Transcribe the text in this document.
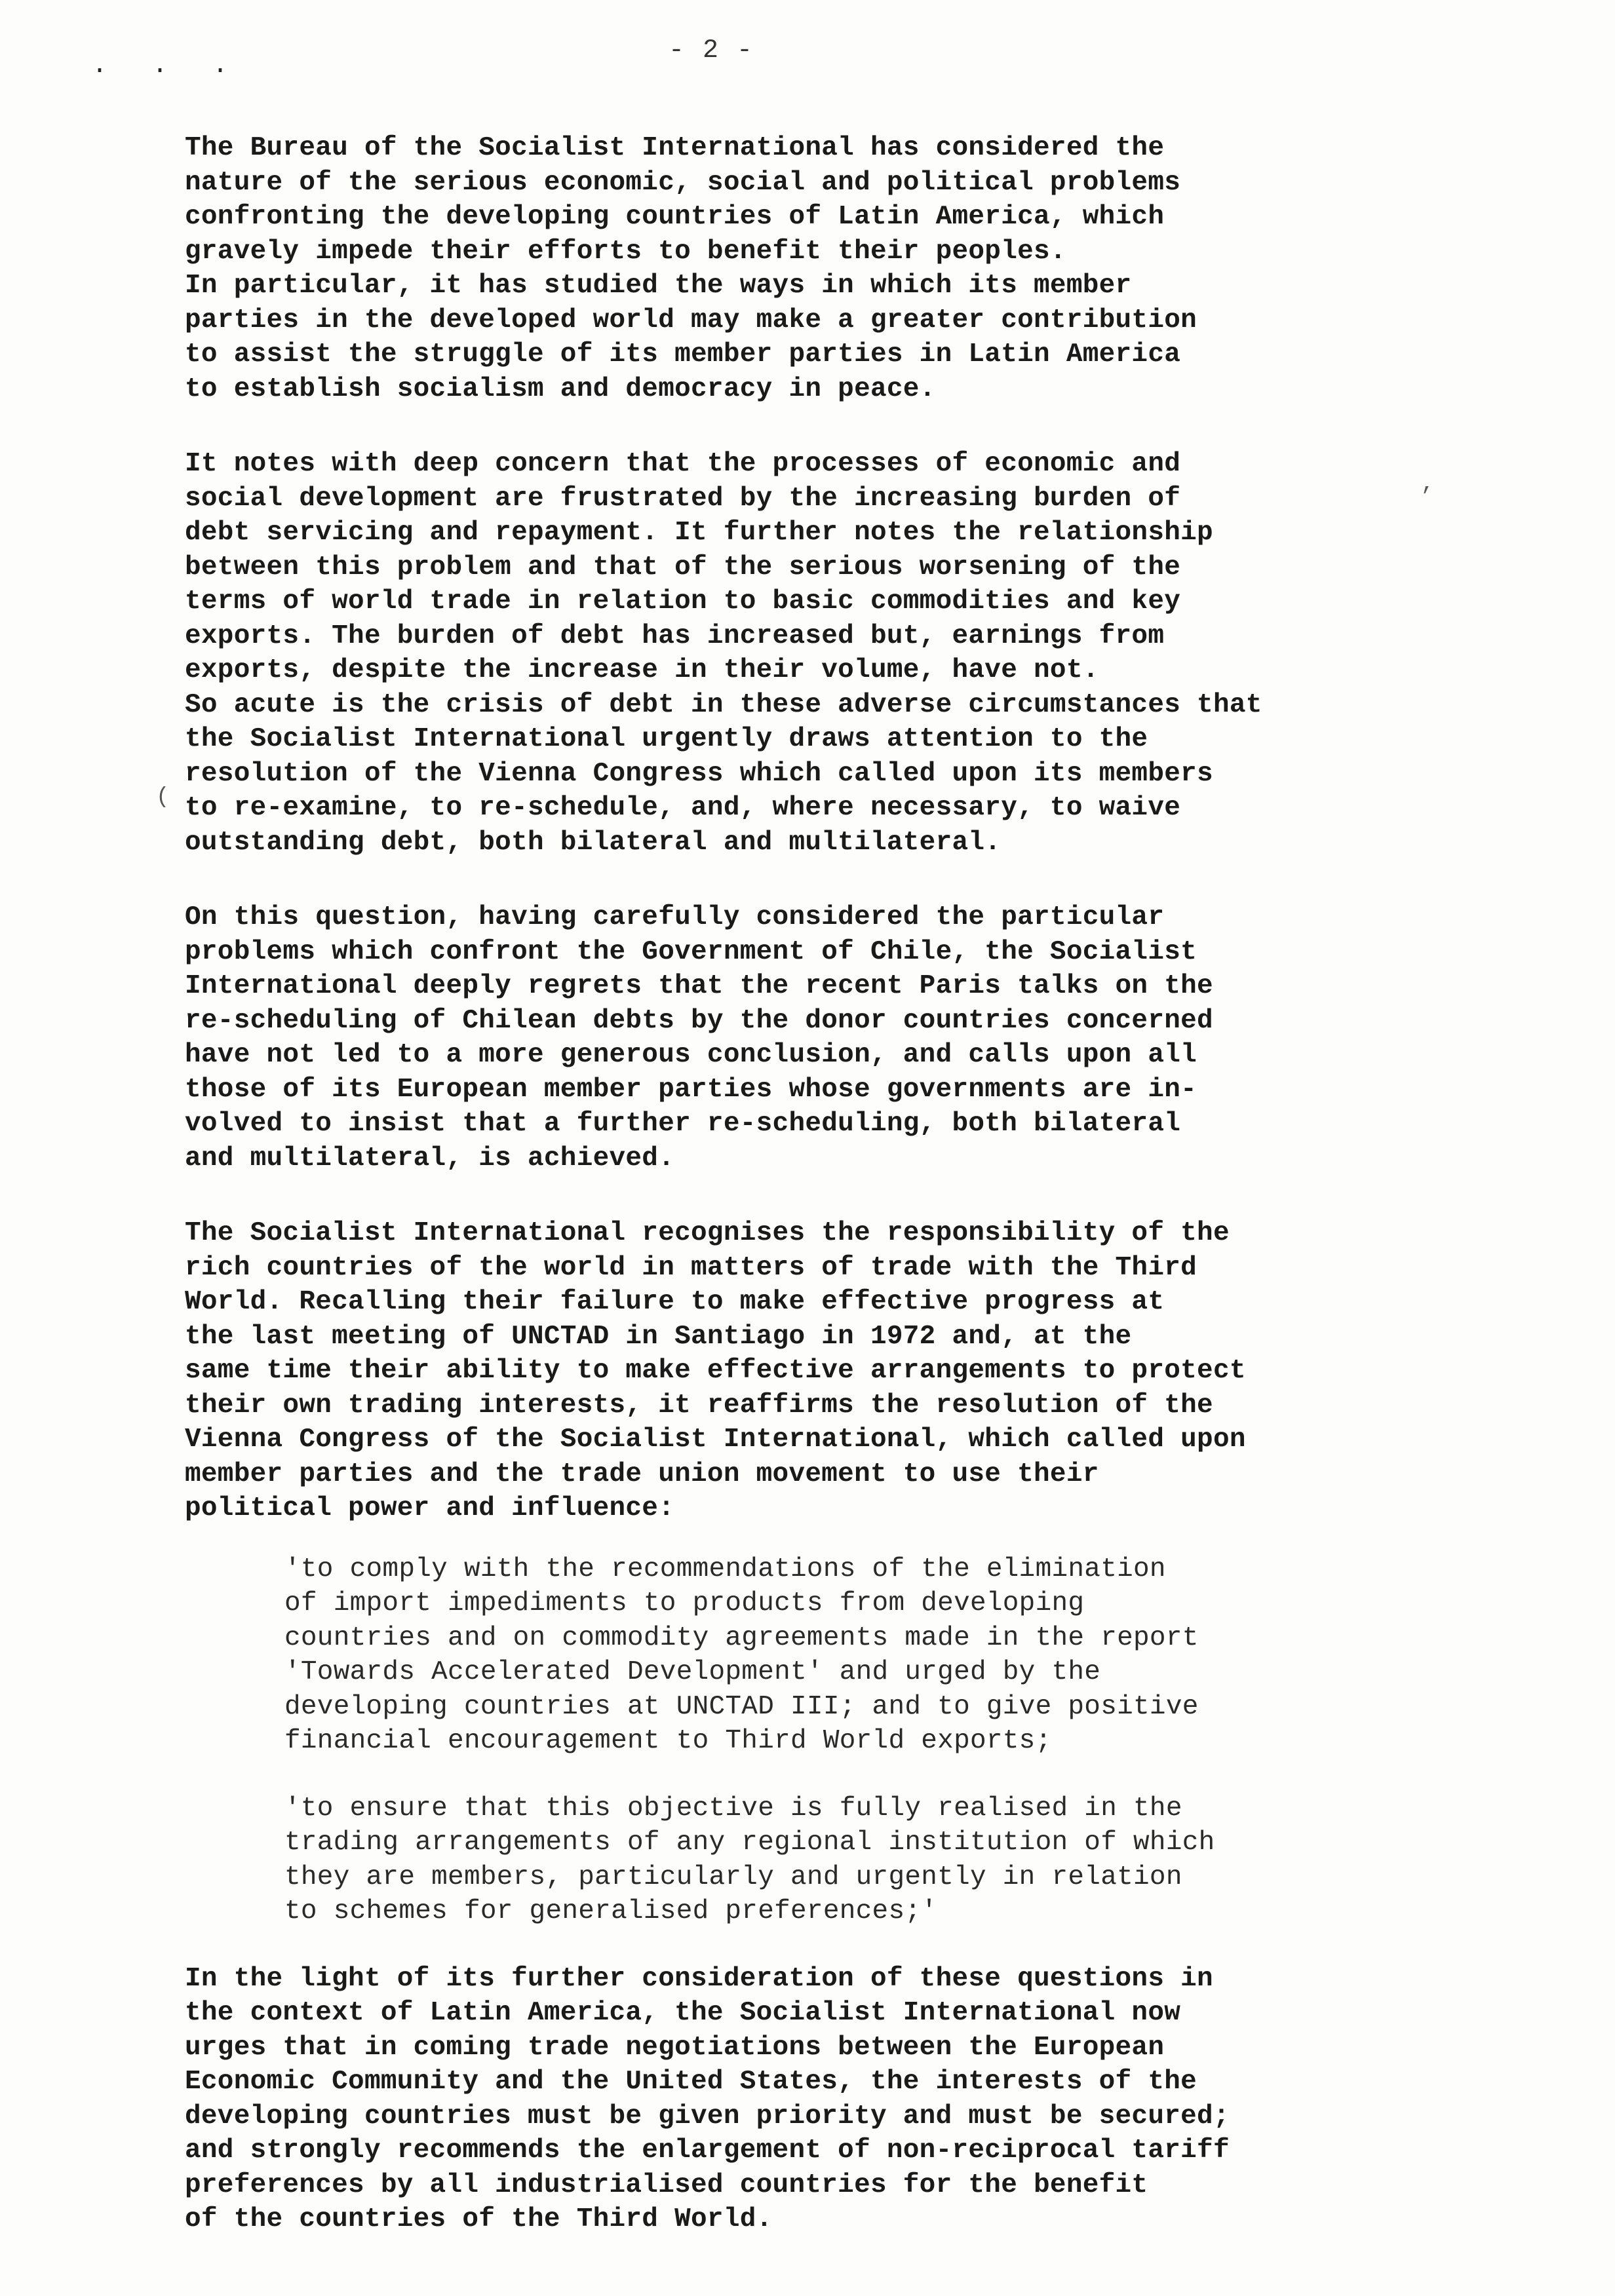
. . .
- 2 -
(
,
The Bureau of the Socialist International has considered the
nature of the serious economic, social and political problems
confronting the developing countries of Latin America, which
gravely impede their efforts to benefit their peoples.
In particular, it has studied the ways in which its member
parties in the developed world may make a greater contribution
to assist the struggle of its member parties in Latin America
to establish socialism and democracy in peace.
It notes with deep concern that the processes of economic and
social development are frustrated by the increasing burden of
debt servicing and repayment. It further notes the relationship
between this problem and that of the serious worsening of the
terms of world trade in relation to basic commodities and key
exports. The burden of debt has increased but, earnings from
exports, despite the increase in their volume, have not.
So acute is the crisis of debt in these adverse circumstances that
the Socialist International urgently draws attention to the
resolution of the Vienna Congress which called upon its members
to re-examine, to re-schedule, and, where necessary, to waive
outstanding debt, both bilateral and multilateral.
On this question, having carefully considered the particular
problems which confront the Government of Chile, the Socialist
International deeply regrets that the recent Paris talks on the
re-scheduling of Chilean debts by the donor countries concerned
have not led to a more generous conclusion, and calls upon all
those of its European member parties whose governments are in-
volved to insist that a further re-scheduling, both bilateral
and multilateral, is achieved.
The Socialist International recognises the responsibility of the
rich countries of the world in matters of trade with the Third
World. Recalling their failure to make effective progress at
the last meeting of UNCTAD in Santiago in 1972 and, at the
same time their ability to make effective arrangements to protect
their own trading interests, it reaffirms the resolution of the
Vienna Congress of the Socialist International, which called upon
member parties and the trade union movement to use their
political power and influence:
'to comply with the recommendations of the elimination
of import impediments to products from developing
countries and on commodity agreements made in the report
'Towards Accelerated Development' and urged by the
developing countries at UNCTAD III; and to give positive
financial encouragement to Third World exports;
'to ensure that this objective is fully realised in the
trading arrangements of any regional institution of which
they are members, particularly and urgently in relation
to schemes for generalised preferences;'
In the light of its further consideration of these questions in
the context of Latin America, the Socialist International now
urges that in coming trade negotiations between the European
Economic Community and the United States, the interests of the
developing countries must be given priority and must be secured;
and strongly recommends the enlargement of non-reciprocal tariff
preferences by all industrialised countries for the benefit
of the countries of the Third World.
